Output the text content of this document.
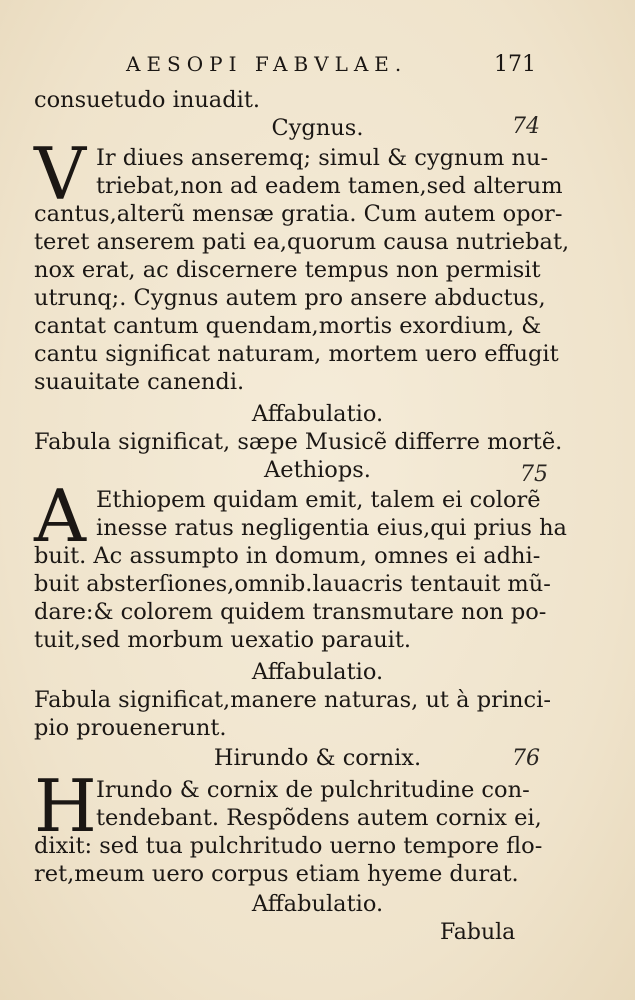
AESOPI FABVLAE.	171
consuetudo inuadit.
Cygnus.	74
V Ir diues anseremq; simul & cygnum nu-
triebat,non ad eadem tamen,sed alterum
cantus,alterũ mensæ gratia. Cum autem opor-
teret anserem pati ea,quorum causa nutriebat,
nox erat, ac discernere tempus non permisit
utrunq;. Cygnus autem pro ansere abductus,
cantat cantum quendam,mortis exordium, &
cantu significat naturam, mortem uero effugit
suauitate canendi.
Affabulatio.
Fabula significat, sæpe Musicẽ differre mortẽ.
Aethiops.	75
A Ethiopem quidam emit, talem ei colorẽ
inesse ratus negligentia eius,qui prius ha
buit. Ac assumpto in domum, omnes ei adhi-
buit absterſiones,omnib.lauacris tentauit mũ-
dare:& colorem quidem transmutare non po-
tuit,sed morbum uexatio parauit.
Affabulatio.
Fabula significat,manere naturas, ut à princi-
pio prouenerunt.
Hirundo & cornix.	76
H Irundo & cornix de pulchritudine con-
tendebant. Respõdens autem cornix ei,
dixit: sed tua pulchritudo uerno tempore flo-
ret,meum uero corpus etiam hyeme durat.
Affabulatio.
Fabula
